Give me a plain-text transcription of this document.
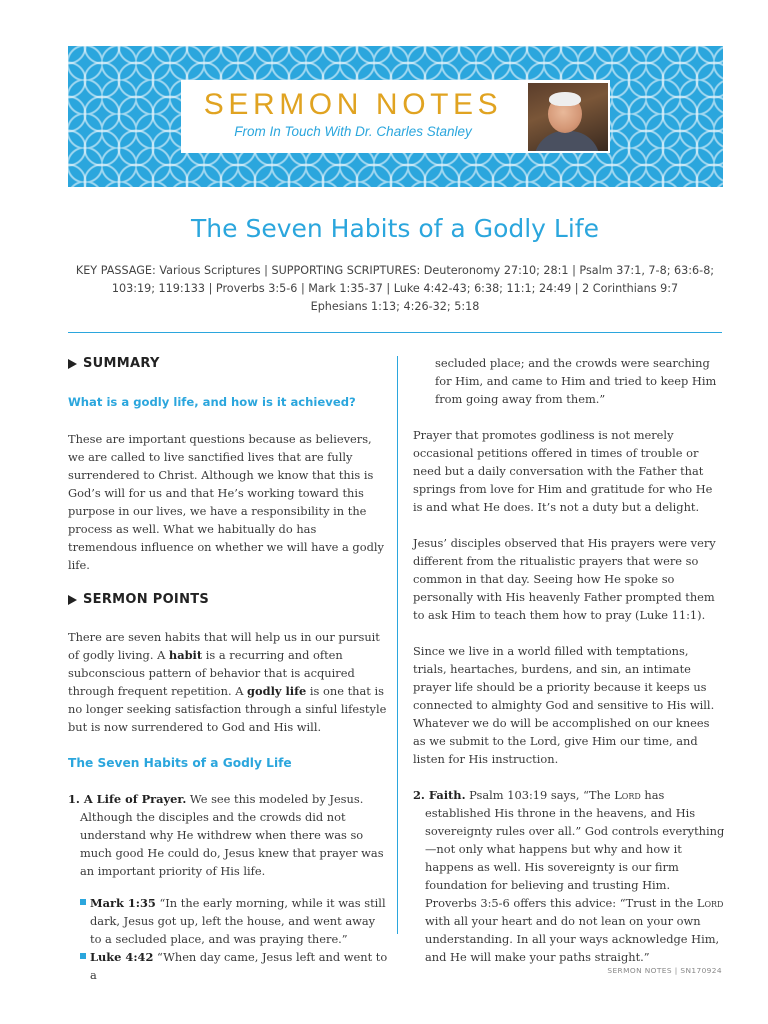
SERMON NOTES
From In Touch With Dr. Charles Stanley
The Seven Habits of a Godly Life
KEY PASSAGE: Various Scriptures | SUPPORTING SCRIPTURES: Deuteronomy 27:10; 28:1 | Psalm 37:1, 7-8; 63:6-8;
103:19; 119:133 | Proverbs 3:5-6 | Mark 1:35-37 | Luke 4:42-43; 6:38; 11:1; 24:49 | 2 Corinthians 9:7
Ephesians 1:13; 4:26-32; 5:18
SUMMARY

What is a godly life, and how is it achieved?

These are important questions because as believers, we are called to live sanctified lives that are fully surrendered to Christ. Although we know that this is God’s will for us and that He’s working toward this purpose in our lives, we have a responsibility in the process as well. What we habitually do has tremendous influence on whether we will have a godly life.

SERMON POINTS

There are seven habits that will help us in our pursuit of godly living. A habit is a recurring and often subconscious pattern of behavior that is acquired through frequent repetition. A godly life is one that is no longer seeking satisfaction through a sinful lifestyle but is now surrendered to God and His will.

The Seven Habits of a Godly Life

1. A Life of Prayer. We see this modeled by Jesus. Although the disciples and the crowds did not understand why He withdrew when there was so much good He could do, Jesus knew that prayer was an important priority of His life.

Mark 1:35 “In the early morning, while it was still dark, Jesus got up, left the house, and went away to a secluded place, and was praying there.”

Luke 4:42 “When day came, Jesus left and went to a

secluded place; and the crowds were searching for Him, and came to Him and tried to keep Him from going away from them.”

Prayer that promotes godliness is not merely occasional petitions offered in times of trouble or need but a daily conversation with the Father that springs from love for Him and gratitude for who He is and what He does. It’s not a duty but a delight.

Jesus’ disciples observed that His prayers were very different from the ritualistic prayers that were so common in that day. Seeing how He spoke so personally with His heavenly Father prompted them to ask Him to teach them how to pray (Luke 11:1).

Since we live in a world filled with temptations, trials, heartaches, burdens, and sin, an intimate prayer life should be a priority because it keeps us connected to almighty God and sensitive to His will. Whatever we do will be accomplished on our knees as we submit to the Lord, give Him our time, and listen for His instruction.

2. Faith. Psalm 103:19 says, “The Lord has established His throne in the heavens, and His sovereignty rules over all.” God controls everything—not only what happens but why and how it happens as well. His sovereignty is our firm foundation for believing and trusting Him. Proverbs 3:5-6 offers this advice: “Trust in the Lord with all your heart and do not lean on your own understanding. In all your ways acknowledge Him, and He will make your paths straight.”

SERMON NOTES | SN170924
